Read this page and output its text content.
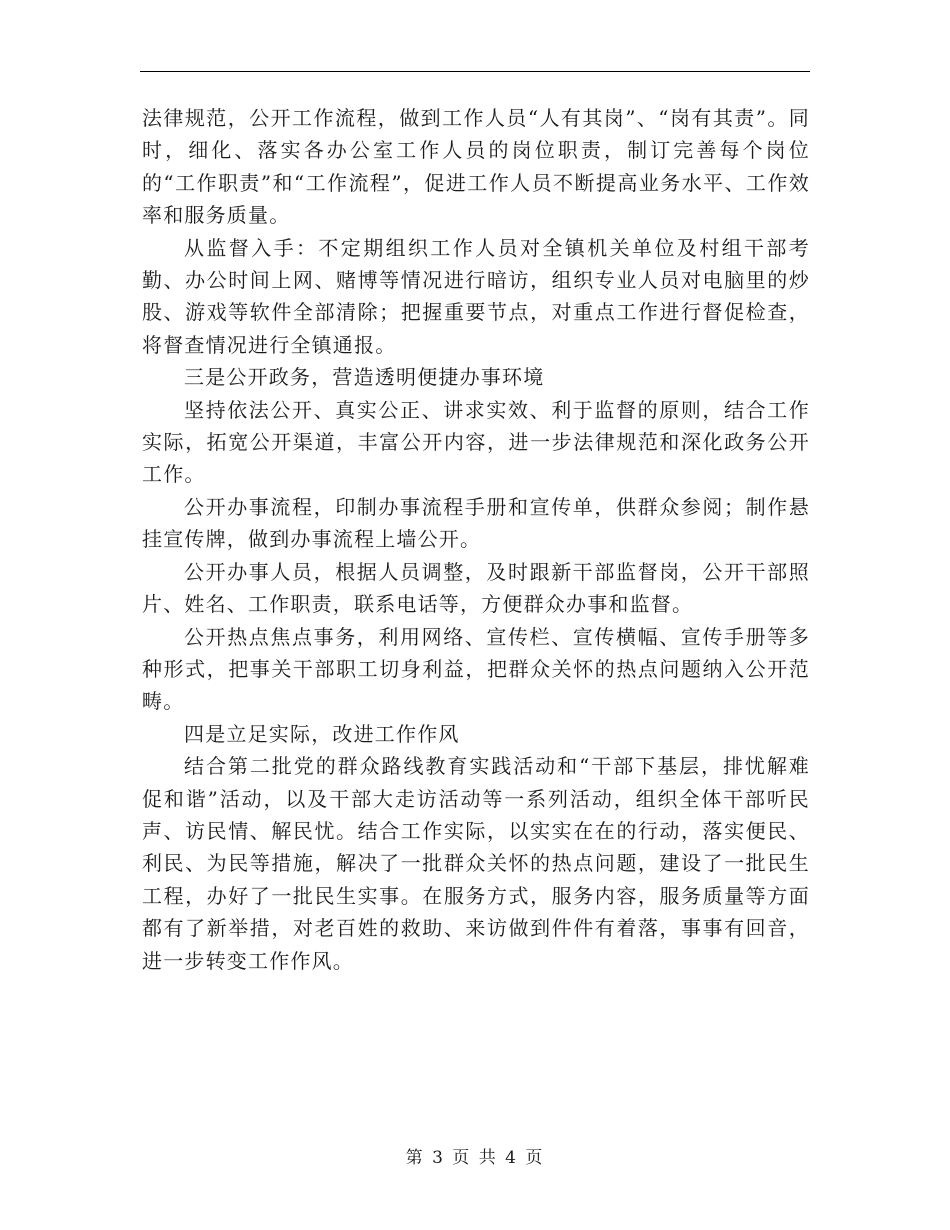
法律规范，公开工作流程，做到工作人员“人有其岗”、“岗有其责”。同时，细化、落实各办公室工作人员的岗位职责，制订完善每个岗位的“工作职责”和“工作流程”，促进工作人员不断提高业务水平、工作效率和服务质量。

从监督入手：不定期组织工作人员对全镇机关单位及村组干部考勤、办公时间上网、赌博等情况进行暗访，组织专业人员对电脑里的炒股、游戏等软件全部清除；把握重要节点，对重点工作进行督促检查，将督查情况进行全镇通报。

三是公开政务，营造透明便捷办事环境

坚持依法公开、真实公正、讲求实效、利于监督的原则，结合工作实际，拓宽公开渠道，丰富公开内容，进一步法律规范和深化政务公开工作。

公开办事流程，印制办事流程手册和宣传单，供群众参阅；制作悬挂宣传牌，做到办事流程上墙公开。

公开办事人员，根据人员调整，及时跟新干部监督岗，公开干部照片、姓名、工作职责，联系电话等，方便群众办事和监督。

公开热点焦点事务，利用网络、宣传栏、宣传横幅、宣传手册等多种形式，把事关干部职工切身利益，把群众关怀的热点问题纳入公开范畴。

四是立足实际，改进工作作风

结合第二批党的群众路线教育实践活动和“干部下基层，排忧解难促和谐”活动，以及干部大走访活动等一系列活动，组织全体干部听民声、访民情、解民忧。结合工作实际，以实实在在的行动，落实便民、利民、为民等措施，解决了一批群众关怀的热点问题，建设了一批民生工程，办好了一批民生实事。在服务方式，服务内容，服务质量等方面都有了新举措，对老百姓的救助、来访做到件件有着落，事事有回音，进一步转变工作作风。

第 3 页 共 4 页
